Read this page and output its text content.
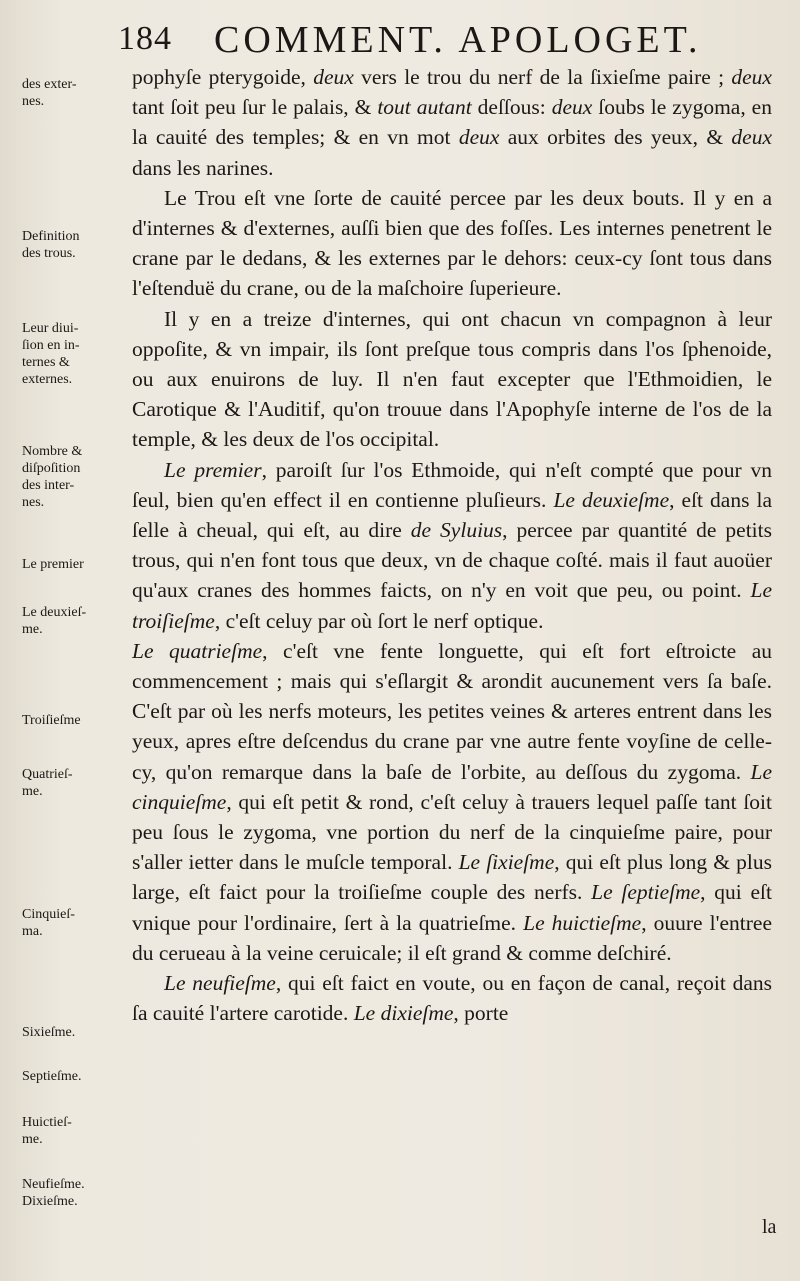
184 COMMENT. APOLOGET.
des exter-
nes.
Definition
des trous.
Leur diui-
ſion en in-
ternes &
externes.
Nombre &
diſpoſition
des inter-
nes.
Le premier
Le deuxieſ-
me.
Troiſieſme
Quatrieſ-
me.
Cinquieſ-
ma.
Sixieſme.
Septieſme.
Huictieſ-
me.
Neufieſme.
Dixieſme.

pophyſe pterygoide, deux vers le trou du nerf de la ſixieſme paire ; deux tant ſoit peu ſur le palais, & tout autant deſſous: deux ſoubs le zygoma, en la cauité des temples; & en vn mot deux aux orbites des yeux, & deux dans les narines.

Le Trou eſt vne ſorte de cauité percee par les deux bouts. Il y en a d'internes & d'externes, auſſi bien que des foſſes. Les internes penetrent le crane par le dedans, & les externes par le dehors: ceux-cy ſont tous dans l'eſtenduë du crane, ou de la maſchoire ſuperieure.

Il y en a treize d'internes, qui ont chacun vn compagnon à leur oppoſite, & vn impair, ils ſont preſque tous compris dans l'os ſphenoide, ou aux enuirons de luy. Il n'en faut excepter que l'Ethmoidien, le Carotique & l'Auditif, qu'on trouue dans l'Apophyſe interne de l'os de la temple, & les deux de l'os occipital.

Le premier, paroiſt ſur l'os Ethmoide, qui n'eſt compté que pour vn ſeul, bien qu'en effect il en contienne pluſieurs. Le deuxieſme, eſt dans la ſelle à cheual, qui eſt, au dire de Syluius, percee par quantité de petits trous, qui n'en font tous que deux, vn de chaque coſté. mais il faut auoüer qu'aux cranes des hommes faicts, on n'y en voit que peu, ou point. Le troiſieſme, c'eſt celuy par où ſort le nerf optique.

Le quatrieſme, c'eſt vne fente longuette, qui eſt fort eſtroicte au commencement ; mais qui s'eſlargit & arondit aucunement vers ſa baſe. C'eſt par où les nerfs moteurs, les petites veines & arteres entrent dans les yeux, apres eſtre deſcendus du crane par vne autre fente voyſine de celle-cy, qu'on remarque dans la baſe de l'orbite, au deſſous du zygoma. Le cinquieſme, qui eſt petit & rond, c'eſt celuy à trauers lequel paſſe tant ſoit peu ſous le zygoma, vne portion du nerf de la cinquieſme paire, pour s'aller ietter dans le muſcle temporal. Le ſixieſme, qui eſt plus long & plus large, eſt faict pour la troiſieſme couple des nerfs. Le ſeptieſme, qui eſt vnique pour l'ordinaire, ſert à la quatrieſme. Le huictieſme, ouure l'entree du cerueau à la veine ceruicale; il eſt grand & comme deſchiré.

Le neufieſme, qui eſt faict en voute, ou en façon de canal, reçoit dans ſa cauité l'artere carotide. Le dixieſme, porte

la
